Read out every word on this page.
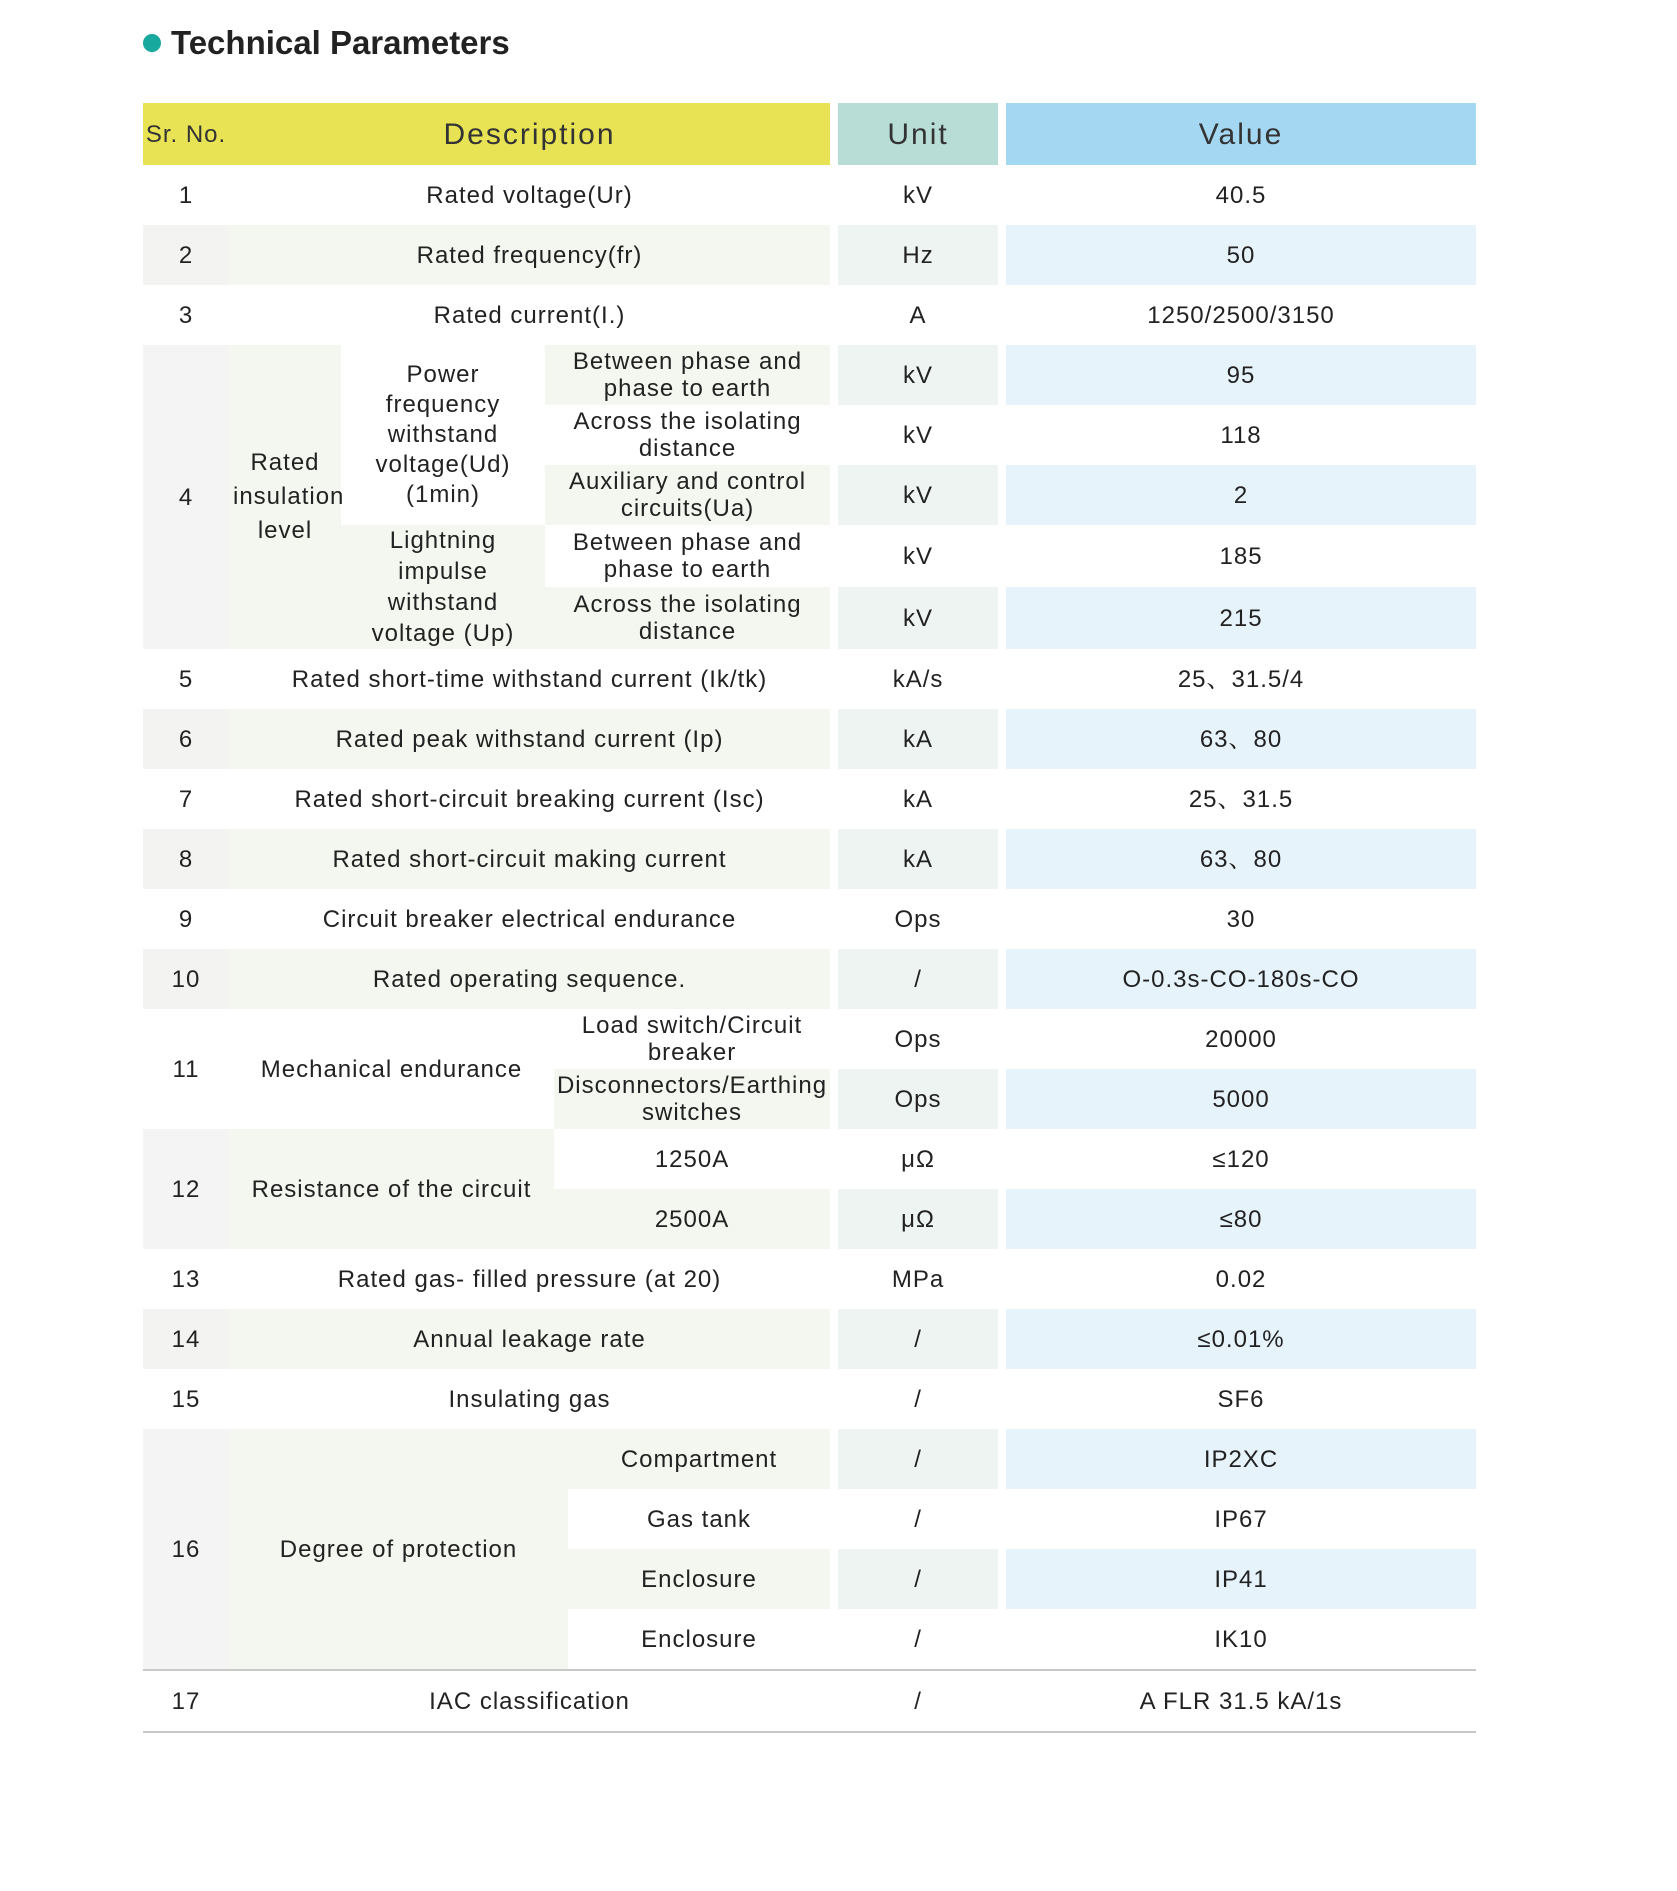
Technical Parameters
Sr. No.	Description						Unit		Value
1	Rated voltage(Ur)						kV		40.5
2	Rated frequency(fr)						Hz		50
3	Rated current(I.)						A		1250/2500/3150
4	Rated insulation level	Power frequency withstand voltage(Ud) (1min)	Between phase and phase to earth				kV		95
			Across the isolating distance				kV		118
			Auxiliary and control circuits(Ua)				kV		2
		Lightning impulse withstand voltage (Up)	Between phase and phase to earth				kV		185
			Across the isolating distance				kV		215
5	Rated short-time withstand current (Ik/tk)						kA/s		25、31.5/4
6	Rated peak withstand current (Ip)						kA		63、80
7	Rated short-circuit breaking current (Isc)						kA		25、31.5
8	Rated short-circuit making current						kA		63、80
9	Circuit breaker electrical endurance						Ops		30
10	Rated operating sequence.						/		O-0.3s-CO-180s-CO
11	Mechanical endurance			Load switch/Circuit breaker			Ops		20000
				Disconnectors/Earthing switches			Ops		5000
12	Resistance of the circuit			1250A			μΩ		≤120
				2500A			μΩ		≤80
13	Rated gas- filled pressure (at 20)						MPa		0.02
14	Annual leakage rate						/		≤0.01%
15	Insulating gas						/		SF6
16	Degree of protection				Compartment		/		IP2XC
					Gas tank		/		IP67
					Enclosure		/		IP41
					Enclosure		/		IK10
17	IAC classification						/		A FLR 31.5 kA/1s
